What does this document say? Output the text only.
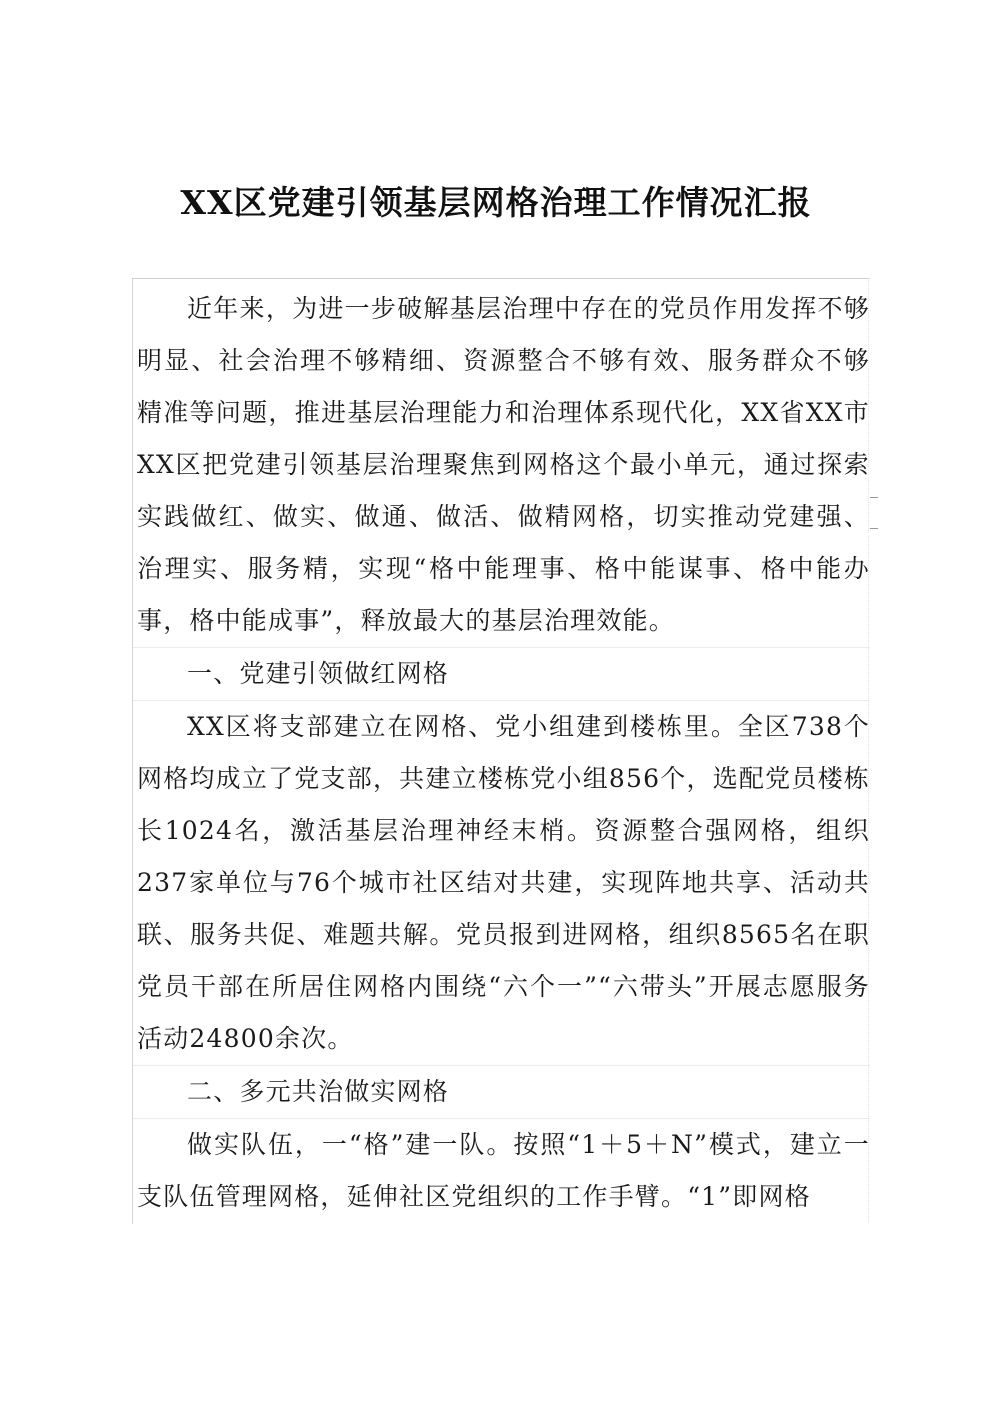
XX区党建引领基层网格治理工作情况汇报

近年来，为进一步破解基层治理中存在的党员作用发挥不够明显、社会治理不够精细、资源整合不够有效、服务群众不够精准等问题，推进基层治理能力和治理体系现代化，XX省XX市XX区把党建引领基层治理聚焦到网格这个最小单元，通过探索实践做红、做实、做通、做活、做精网格，切实推动党建强、治理实、服务精，实现“格中能理事、格中能谋事、格中能办事，格中能成事”，释放最大的基层治理效能。

一、党建引领做红网格

XX区将支部建立在网格、党小组建到楼栋里。全区738个网格均成立了党支部，共建立楼栋党小组856个，选配党员楼栋长1024名，激活基层治理神经末梢。资源整合强网格，组织237家单位与76个城市社区结对共建，实现阵地共享、活动共联、服务共促、难题共解。党员报到进网格，组织8565名在职党员干部在所居住网格内围绕“六个一”“六带头”开展志愿服务活动24800余次。

二、多元共治做实网格

做实队伍，一“格”建一队。按照“1＋5＋N”模式，建立一支队伍管理网格，延伸社区党组织的工作手臂。“1”即网格
